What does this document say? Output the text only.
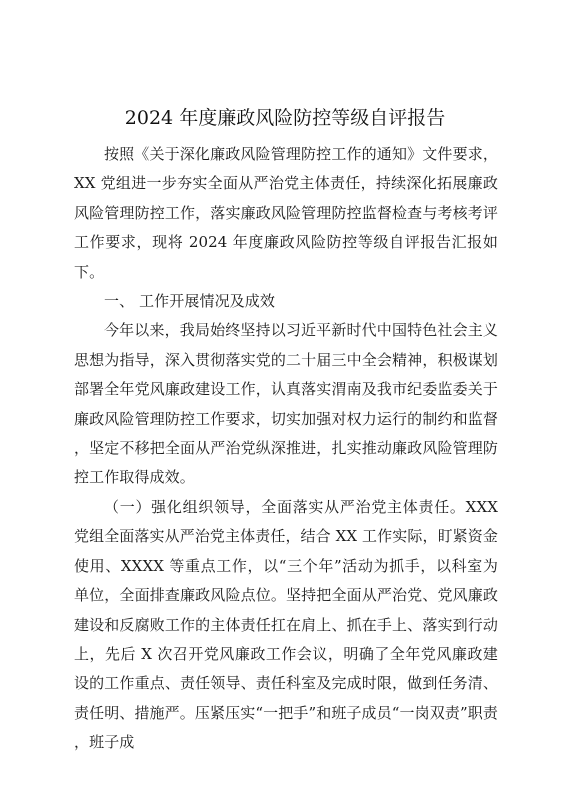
2024 年度廉政风险防控等级自评报告

按照《关于深化廉政风险管理防控工作的通知》文件要求，XX 党组进一步夯实全面从严治党主体责任，持续深化拓展廉政风险管理防控工作，落实廉政风险管理防控监督检查与考核考评工作要求，现将 2024 年度廉政风险防控等级自评报告汇报如下。

一、 工作开展情况及成效

今年以来，我局始终坚持以习近平新时代中国特色社会主义思想为指导，深入贯彻落实党的二十届三中全会精神，积极谋划部署全年党风廉政建设工作，认真落实渭南及我市纪委监委关于廉政风险管理防控工作要求，切实加强对权力运行的制约和监督，坚定不移把全面从严治党纵深推进，扎实推动廉政风险管理防控工作取得成效。

（一）强化组织领导，全面落实从严治党主体责任。XXX 党组全面落实从严治党主体责任，结合 XX 工作实际，盯紧资金使用、XXXX 等重点工作，以“三个年”活动为抓手，以科室为单位，全面排查廉政风险点位。坚持把全面从严治党、党风廉政建设和反腐败工作的主体责任扛在肩上、抓在手上、落实到行动上，先后 X 次召开党风廉政工作会议，明确了全年党风廉政建设的工作重点、责任领导、责任科室及完成时限，做到任务清、责任明、措施严。压紧压实“一把手”和班子成员“一岗双责”职责，班子成
